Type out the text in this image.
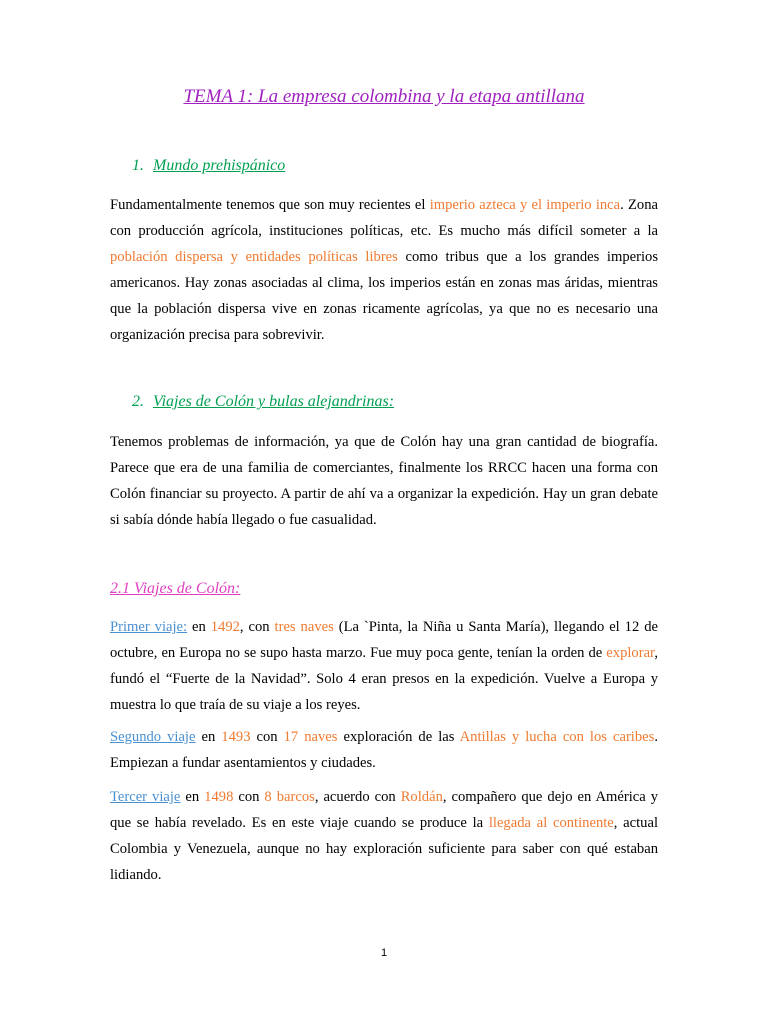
TEMA 1: La empresa colombina y la etapa antillana
1. Mundo prehispánico

Fundamentalmente tenemos que son muy recientes el imperio azteca y el imperio inca. Zona con producción agrícola, instituciones políticas, etc. Es mucho más difícil someter a la población dispersa y entidades políticas libres como tribus que a los grandes imperios americanos. Hay zonas asociadas al clima, los imperios están en zonas mas áridas, mientras que la población dispersa vive en zonas ricamente agrícolas, ya que no es necesario una organización precisa para sobrevivir.

2. Viajes de Colón y bulas alejandrinas:

Tenemos problemas de información, ya que de Colón hay una gran cantidad de biografía. Parece que era de una familia de comerciantes, finalmente los RRCC hacen una forma con Colón financiar su proyecto. A partir de ahí va a organizar la expedición. Hay un gran debate si sabía dónde había llegado o fue casualidad.

2.1 Viajes de Colón:

Primer viaje: en 1492, con tres naves (La `Pinta, la Niña u Santa María), llegando el 12 de octubre, en Europa no se supo hasta marzo. Fue muy poca gente, tenían la orden de explorar, fundó el “Fuerte de la Navidad”. Solo 4 eran presos en la expedición. Vuelve a Europa y muestra lo que traía de su viaje a los reyes.

Segundo viaje en 1493 con 17 naves exploración de las Antillas y lucha con los caribes. Empiezan a fundar asentamientos y ciudades.

Tercer viaje en 1498 con 8 barcos, acuerdo con Roldán, compañero que dejo en América y que se había revelado. Es en este viaje cuando se produce la llegada al continente, actual Colombia y Venezuela, aunque no hay exploración suficiente para saber con qué estaban lidiando.

1
